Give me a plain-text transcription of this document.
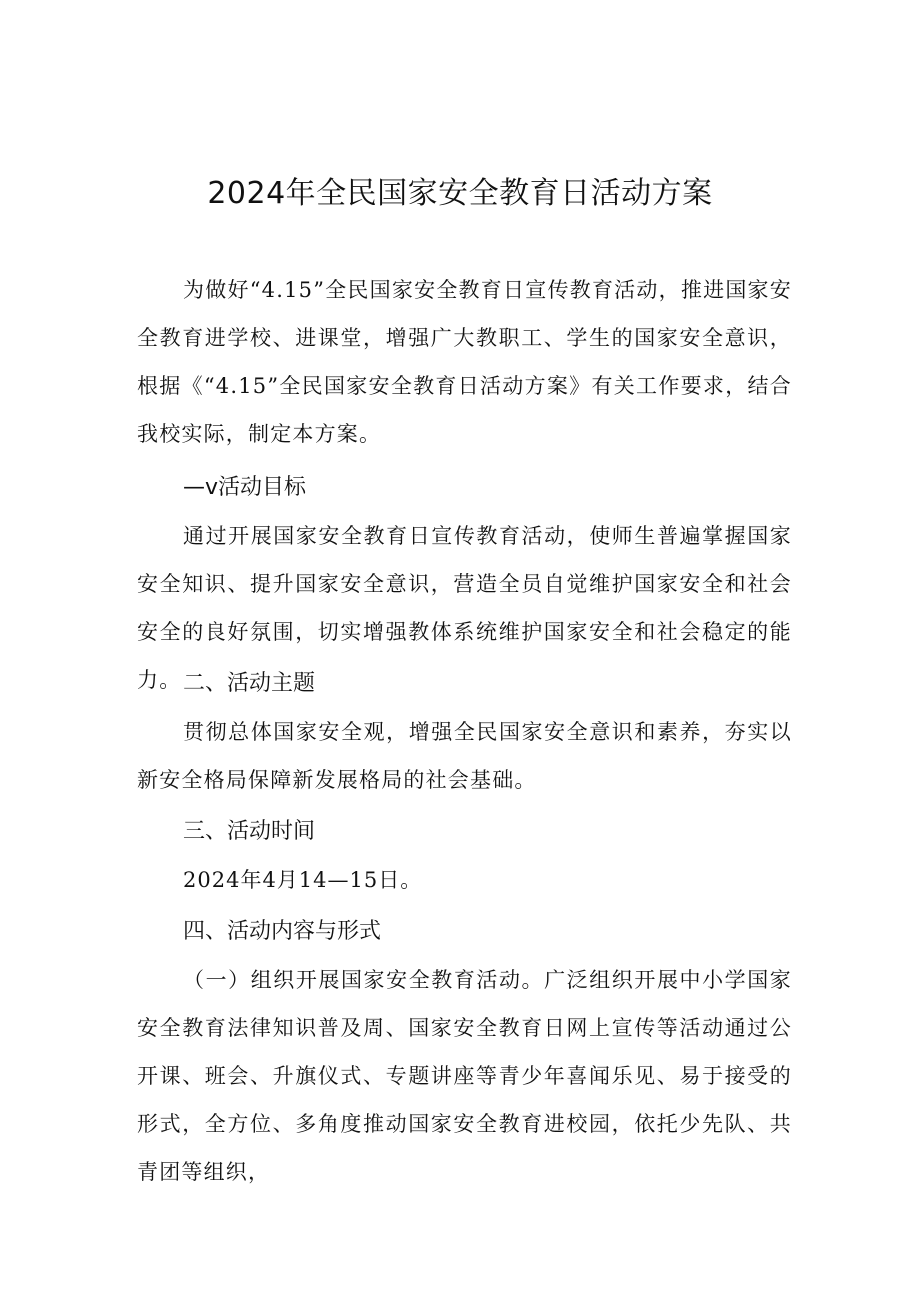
2024年全民国家安全教育日活动方案
为做好“4.15”全民国家安全教育日宣传教育活动，推进国家安全教育进学校、进课堂，增强广大教职工、学生的国家安全意识，根据《“4.15”全民国家安全教育日活动方案》有关工作要求，结合我校实际，制定本方案。
—v活动目标
通过开展国家安全教育日宣传教育活动，使师生普遍掌握国家安全知识、提升国家安全意识，营造全员自觉维护国家安全和社会安全的良好氛围，切实增强教体系统维护国家安全和社会稳定的能力。 二、活动主题
贯彻总体国家安全观，增强全民国家安全意识和素养，夯实以新安全格局保障新发展格局的社会基础。
三、活动时间
2024年4月14—15日。
四、活动内容与形式
（一）组织开展国家安全教育活动。广泛组织开展中小学国家安全教育法律知识普及周、国家安全教育日网上宣传等活动通过公开课、班会、升旗仪式、专题讲座等青少年喜闻乐见、易于接受的形式，全方位、多角度推动国家安全教育进校园，依托少先队、共青团等组织，
